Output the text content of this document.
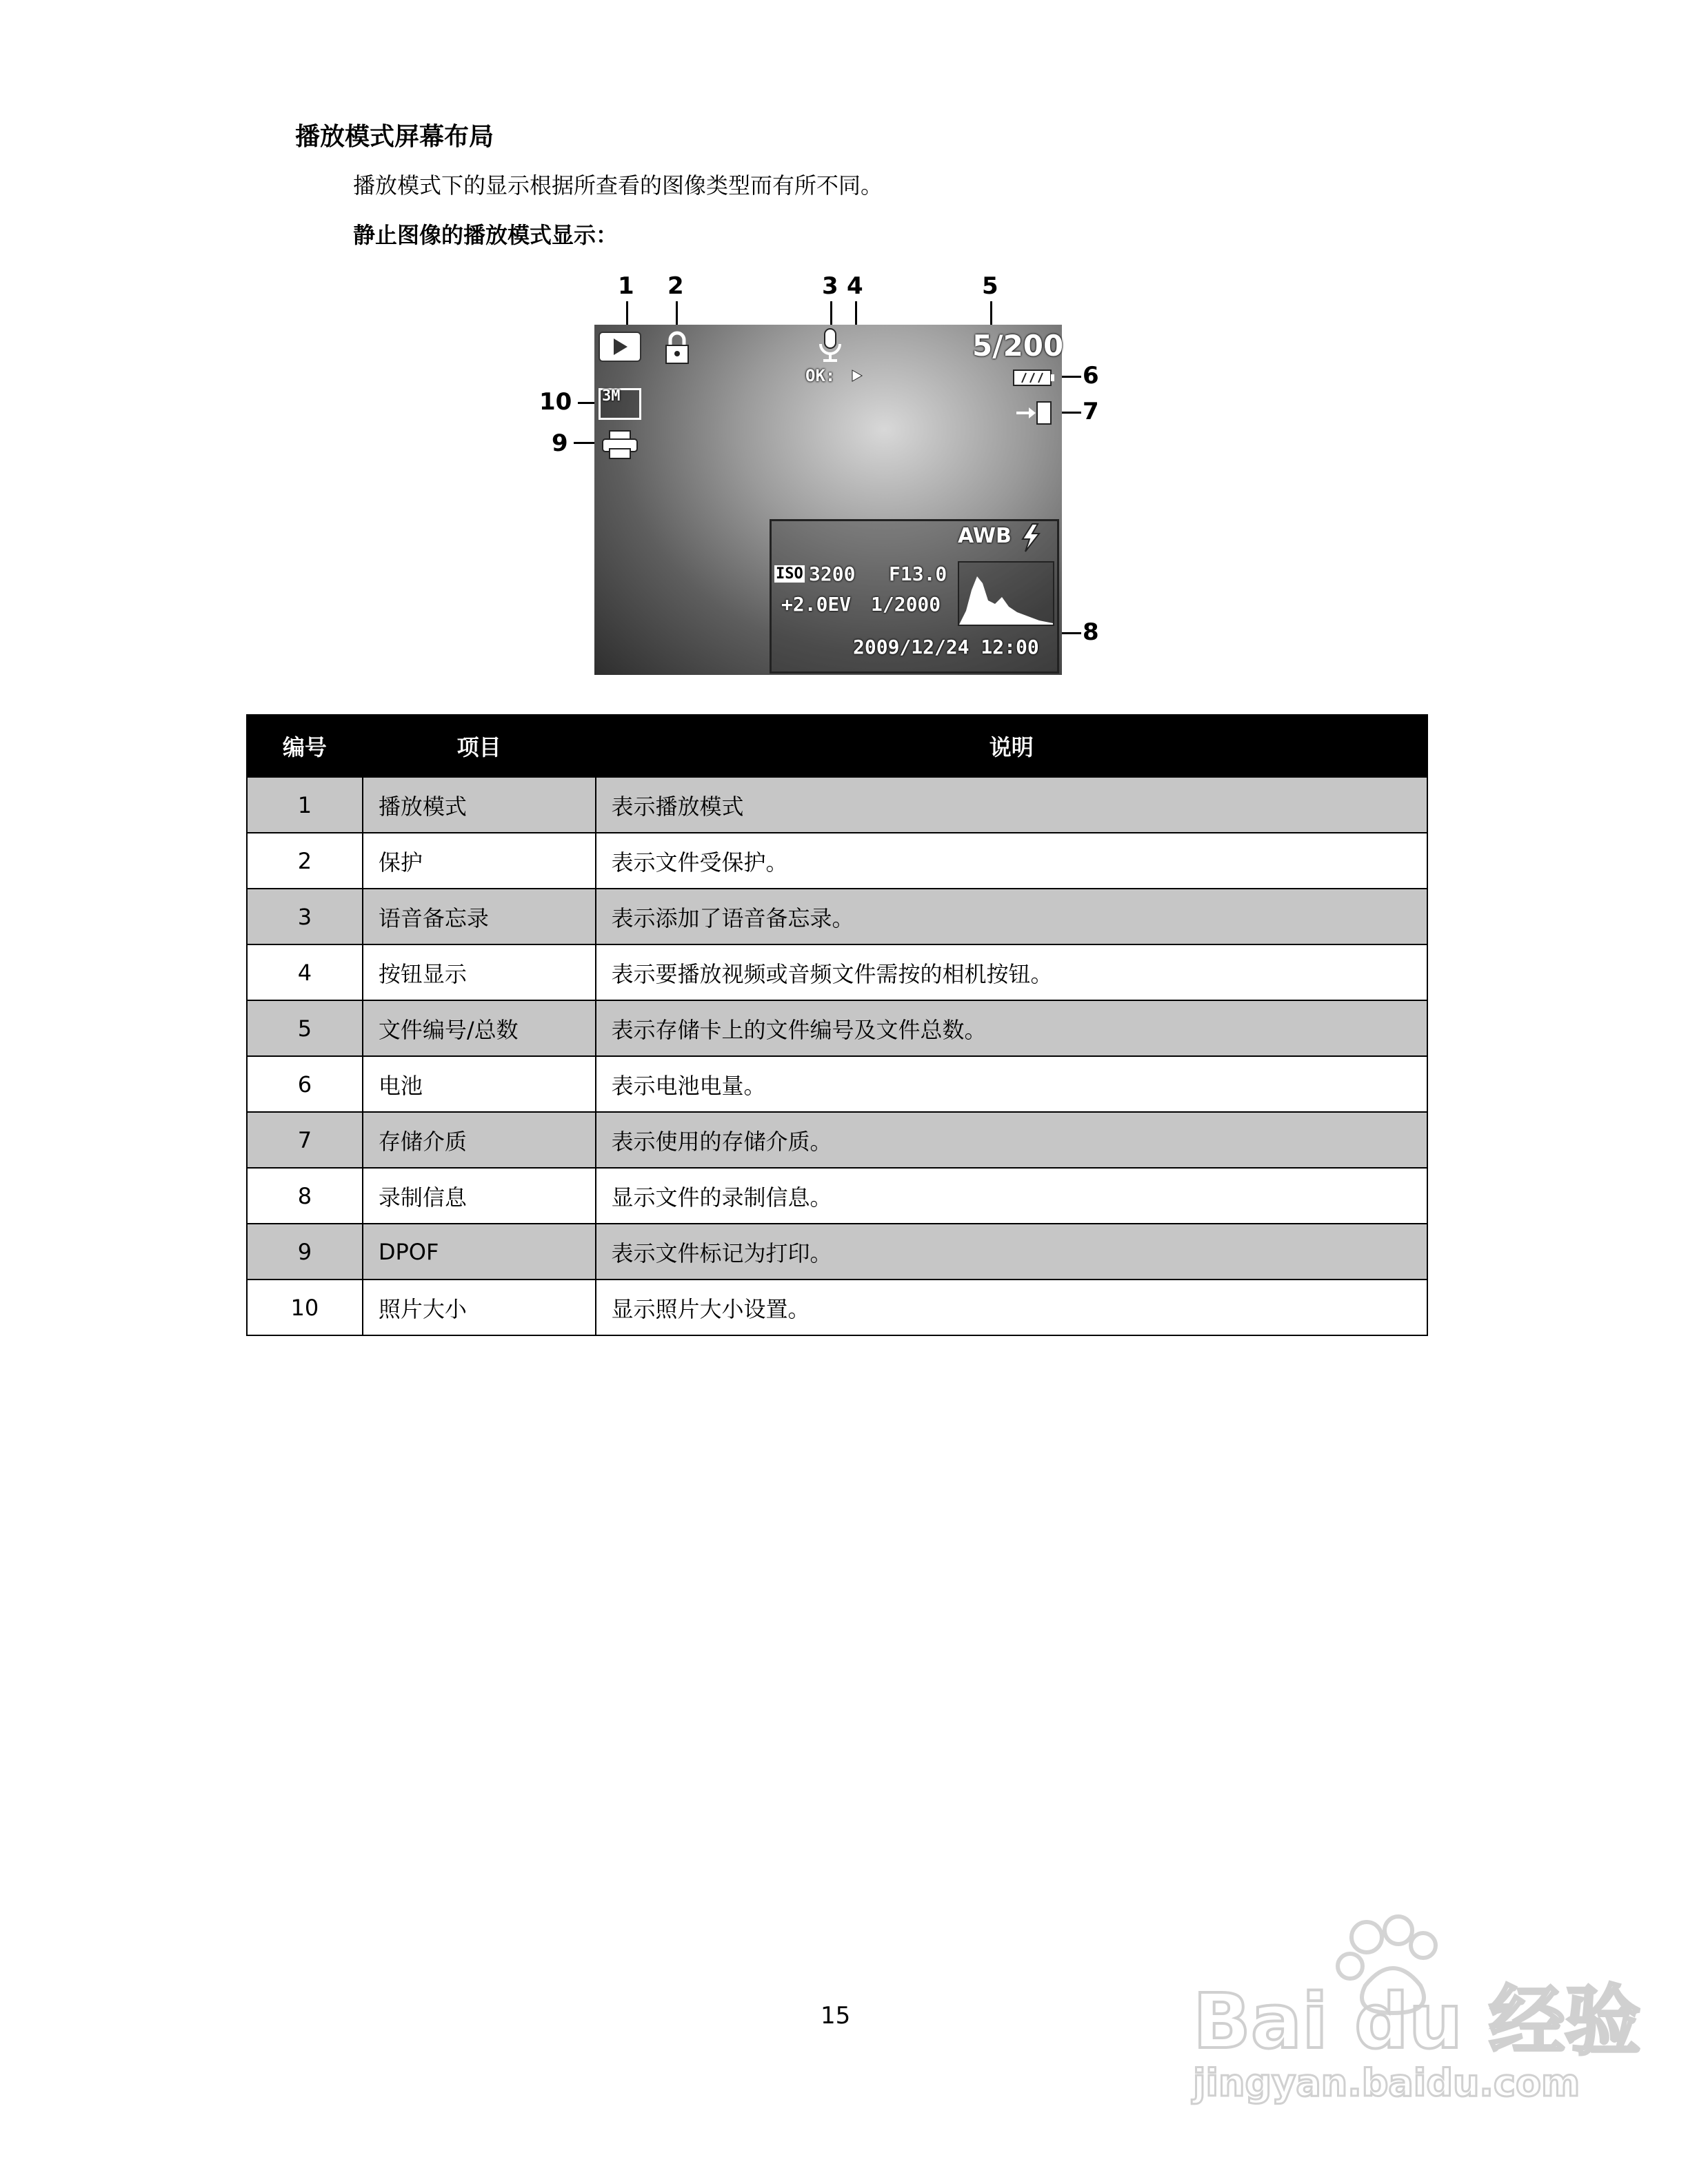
播放模式屏幕布局
播放模式下的显示根据所查看的图像类型而有所不同。
静止图像的播放模式显示：
1 2	3 4	5
6
7
8
9
10
OK:
5/200
3M
AWB
ISO 3200 F13.0
+2.0EV 1/2000
2009/12/24 12:00
编号	项目	说明
1	播放模式	表示播放模式
2	保护	表示文件受保护。
3	语音备忘录	表示添加了语音备忘录。
4	按钮显示	表示要播放视频或音频文件需按的相机按钮。
5	文件编号/总数	表示存储卡上的文件编号及文件总数。
6	电池	表示电池电量。
7	存储介质	表示使用的存储介质。
8	录制信息	显示文件的录制信息。
9	DPOF	表示文件标记为打印。
10	照片大小	显示照片大小设置。
15	Bai du 经验
jingyan.baidu.com
